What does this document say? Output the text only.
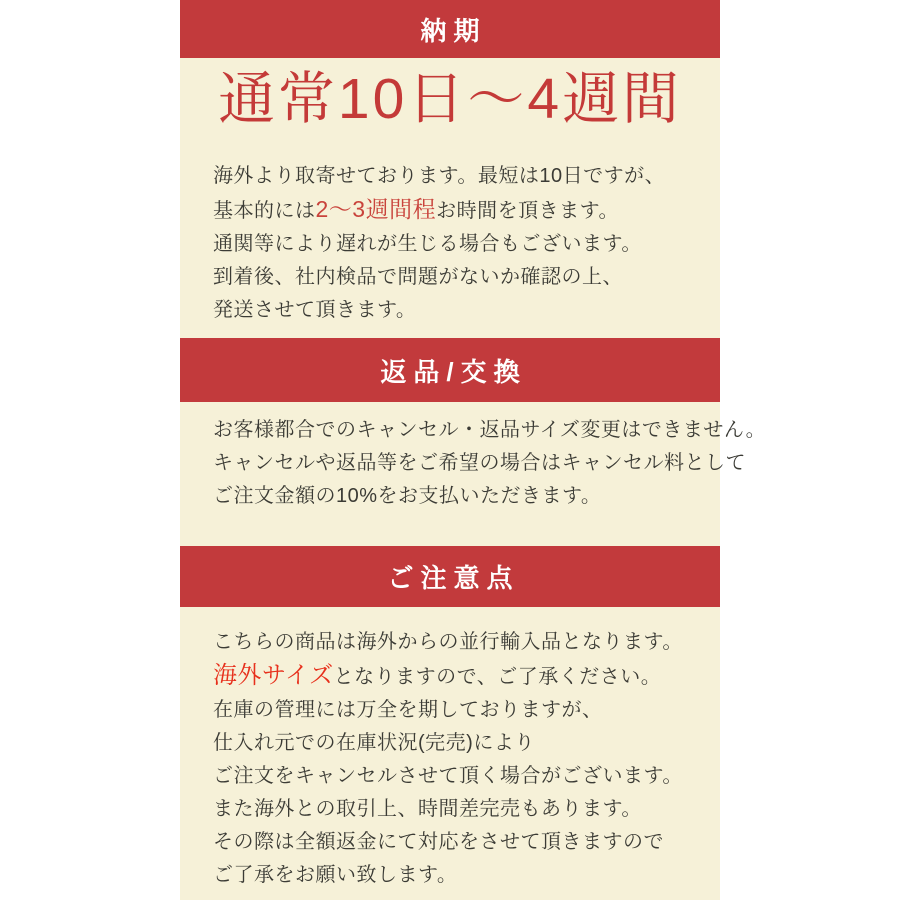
納期
通常10日～4週間

海外より取寄せております。最短は10日ですが、

基本的には2～3週間程お時間を頂きます。

通関等により遅れが生じる場合もございます。

到着後、社内検品で問題がないか確認の上、

発送させて頂きます。

返品/交換

お客様都合でのキャンセル・返品サイズ変更はできません。

キャンセルや返品等をご希望の場合はキャンセル料として

ご注文金額の10%をお支払いただきます。

ご注意点

こちらの商品は海外からの並行輸入品となります。

海外サイズとなりますので、ご了承ください。

在庫の管理には万全を期しておりますが、

仕入れ元での在庫状況(完売)により

ご注文をキャンセルさせて頂く場合がございます。

また海外との取引上、時間差完売もあります。

その際は全額返金にて対応をさせて頂きますので

ご了承をお願い致します。
